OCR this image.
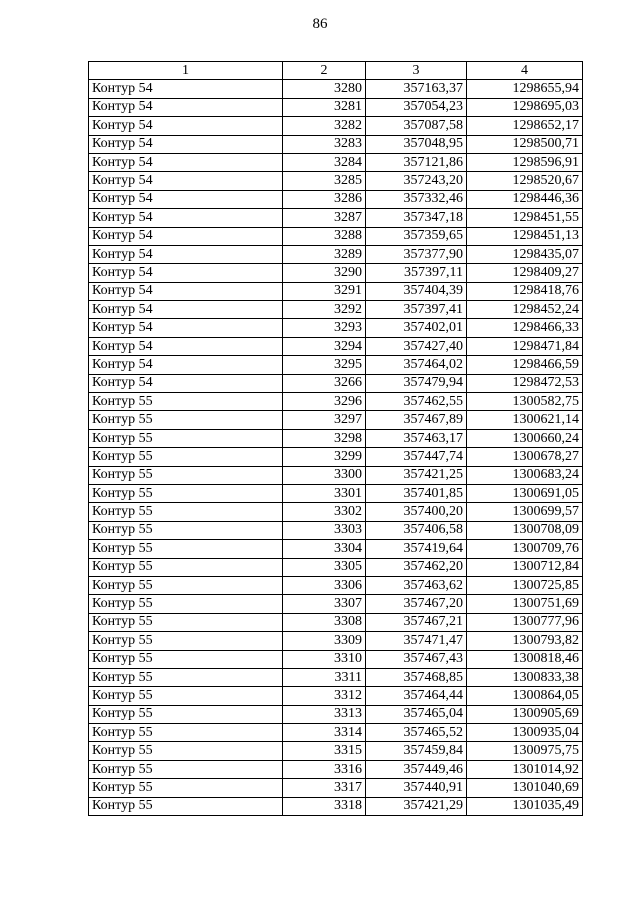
86
1	2	3	4
Контур 54	3280	357163,37	1298655,94
Контур 54	3281	357054,23	1298695,03
Контур 54	3282	357087,58	1298652,17
Контур 54	3283	357048,95	1298500,71
Контур 54	3284	357121,86	1298596,91
Контур 54	3285	357243,20	1298520,67
Контур 54	3286	357332,46	1298446,36
Контур 54	3287	357347,18	1298451,55
Контур 54	3288	357359,65	1298451,13
Контур 54	3289	357377,90	1298435,07
Контур 54	3290	357397,11	1298409,27
Контур 54	3291	357404,39	1298418,76
Контур 54	3292	357397,41	1298452,24
Контур 54	3293	357402,01	1298466,33
Контур 54	3294	357427,40	1298471,84
Контур 54	3295	357464,02	1298466,59
Контур 54	3266	357479,94	1298472,53
Контур 55	3296	357462,55	1300582,75
Контур 55	3297	357467,89	1300621,14
Контур 55	3298	357463,17	1300660,24
Контур 55	3299	357447,74	1300678,27
Контур 55	3300	357421,25	1300683,24
Контур 55	3301	357401,85	1300691,05
Контур 55	3302	357400,20	1300699,57
Контур 55	3303	357406,58	1300708,09
Контур 55	3304	357419,64	1300709,76
Контур 55	3305	357462,20	1300712,84
Контур 55	3306	357463,62	1300725,85
Контур 55	3307	357467,20	1300751,69
Контур 55	3308	357467,21	1300777,96
Контур 55	3309	357471,47	1300793,82
Контур 55	3310	357467,43	1300818,46
Контур 55	3311	357468,85	1300833,38
Контур 55	3312	357464,44	1300864,05
Контур 55	3313	357465,04	1300905,69
Контур 55	3314	357465,52	1300935,04
Контур 55	3315	357459,84	1300975,75
Контур 55	3316	357449,46	1301014,92
Контур 55	3317	357440,91	1301040,69
Контур 55	3318	357421,29	1301035,49
